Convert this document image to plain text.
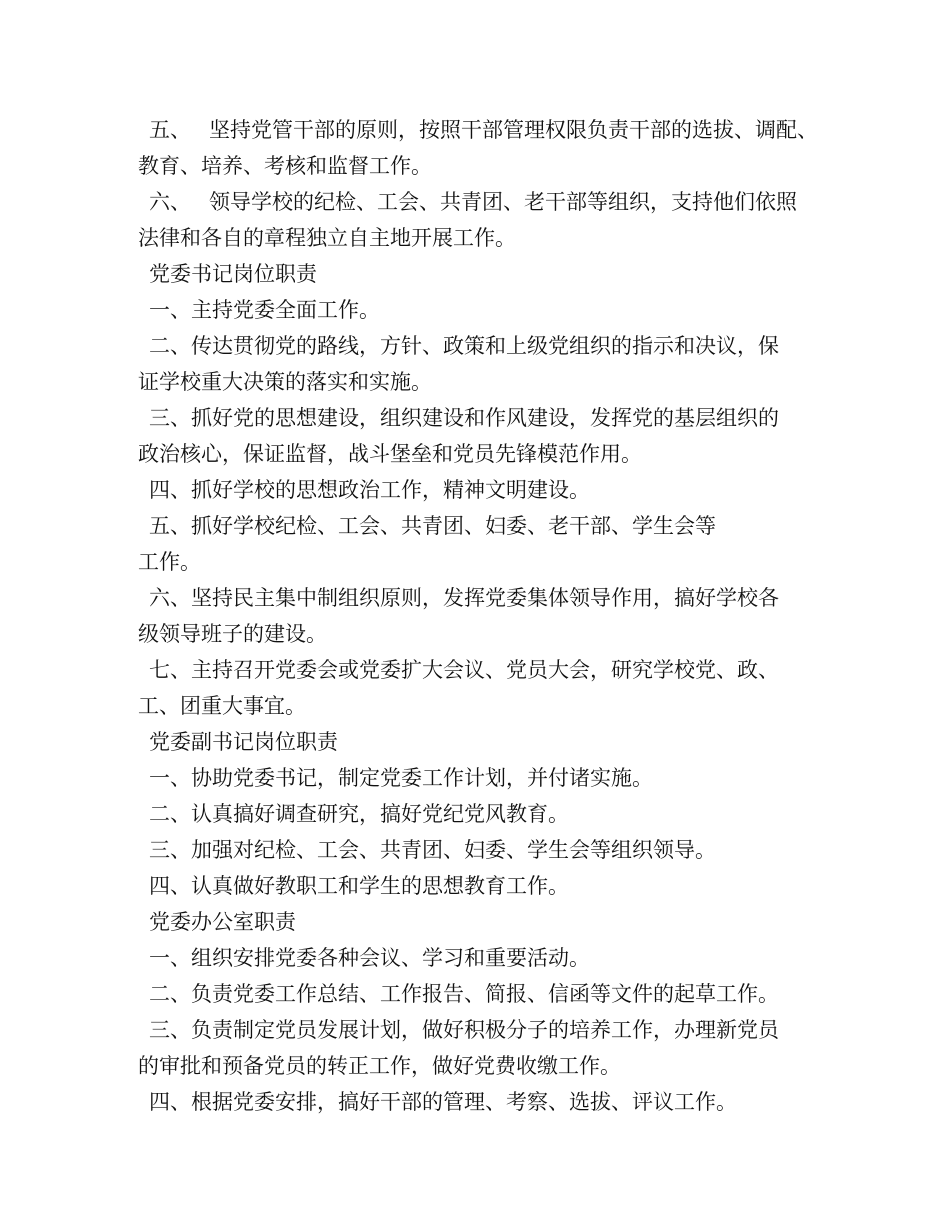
五、 坚持党管干部的原则，按照干部管理权限负责干部的选拔、调配、
教育、培养、考核和监督工作。
六、 领导学校的纪检、工会、共青团、老干部等组织，支持他们依照
法律和各自的章程独立自主地开展工作。
党委书记岗位职责
一、主持党委全面工作。
二、传达贯彻党的路线，方针、政策和上级党组织的指示和决议，保
证学校重大决策的落实和实施。
三、抓好党的思想建设，组织建设和作风建设，发挥党的基层组织的
政治核心，保证监督，战斗堡垒和党员先锋模范作用。
四、抓好学校的思想政治工作，精神文明建设。
五、抓好学校纪检、工会、共青团、妇委、老干部、学生会等
工作。
六、坚持民主集中制组织原则，发挥党委集体领导作用，搞好学校各
级领导班子的建设。
七、主持召开党委会或党委扩大会议、党员大会，研究学校党、政、
工、团重大事宜。
党委副书记岗位职责
一、协助党委书记，制定党委工作计划，并付诸实施。
二、认真搞好调查研究，搞好党纪党风教育。
三、加强对纪检、工会、共青团、妇委、学生会等组织领导。
四、认真做好教职工和学生的思想教育工作。
党委办公室职责
一、组织安排党委各种会议、学习和重要活动。
二、负责党委工作总结、工作报告、简报、信函等文件的起草工作。
三、负责制定党员发展计划，做好积极分子的培养工作，办理新党员
的审批和预备党员的转正工作，做好党费收缴工作。
四、根据党委安排，搞好干部的管理、考察、选拔、评议工作。
